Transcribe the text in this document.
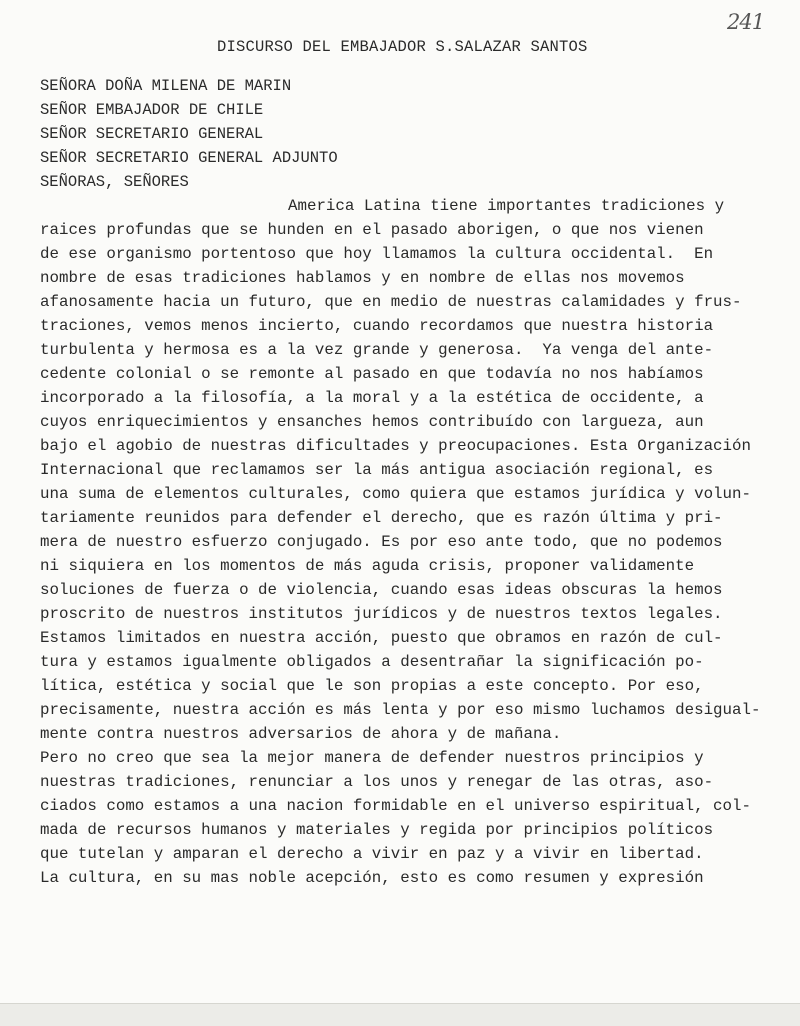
241
DISCURSO DEL EMBAJADOR S.SALAZAR SANTOS
SEÑORA DOÑA MILENA DE MARIN
SEÑOR EMBAJADOR DE CHILE
SEÑOR SECRETARIO GENERAL
SEÑOR SECRETARIO GENERAL ADJUNTO
SEÑORAS, SEÑORES
America Latina tiene importantes tradiciones y
raices profundas que se hunden en el pasado aborigen, o que nos vienen
de ese organismo portentoso que hoy llamamos la cultura occidental.  En
nombre de esas tradiciones hablamos y en nombre de ellas nos movemos
afanosamente hacia un futuro, que en medio de nuestras calamidades y frus-
traciones, vemos menos incierto, cuando recordamos que nuestra historia
turbulenta y hermosa es a la vez grande y generosa.  Ya venga del ante-
cedente colonial o se remonte al pasado en que todavía no nos habíamos
incorporado a la filosofía, a la moral y a la estética de occidente, a
cuyos enriquecimientos y ensanches hemos contribuído con largueza, aun
bajo el agobio de nuestras dificultades y preocupaciones. Esta Organización
Internacional que reclamamos ser la más antigua asociación regional, es
una suma de elementos culturales, como quiera que estamos jurídica y volun-
tariamente reunidos para defender el derecho, que es razón última y pri-
mera de nuestro esfuerzo conjugado. Es por eso ante todo, que no podemos
ni siquiera en los momentos de más aguda crisis, proponer validamente
soluciones de fuerza o de violencia, cuando esas ideas obscuras la hemos
proscrito de nuestros institutos jurídicos y de nuestros textos legales.
Estamos limitados en nuestra acción, puesto que obramos en razón de cul-
tura y estamos igualmente obligados a desentrañar la significación po-
lítica, estética y social que le son propias a este concepto. Por eso,
precisamente, nuestra acción es más lenta y por eso mismo luchamos desigual-
mente contra nuestros adversarios de ahora y de mañana.
Pero no creo que sea la mejor manera de defender nuestros principios y
nuestras tradiciones, renunciar a los unos y renegar de las otras, aso-
ciados como estamos a una nacion formidable en el universo espiritual, col-
mada de recursos humanos y materiales y regida por principios políticos
que tutelan y amparan el derecho a vivir en paz y a vivir en libertad.
La cultura, en su mas noble acepción, esto es como resumen y expresión
